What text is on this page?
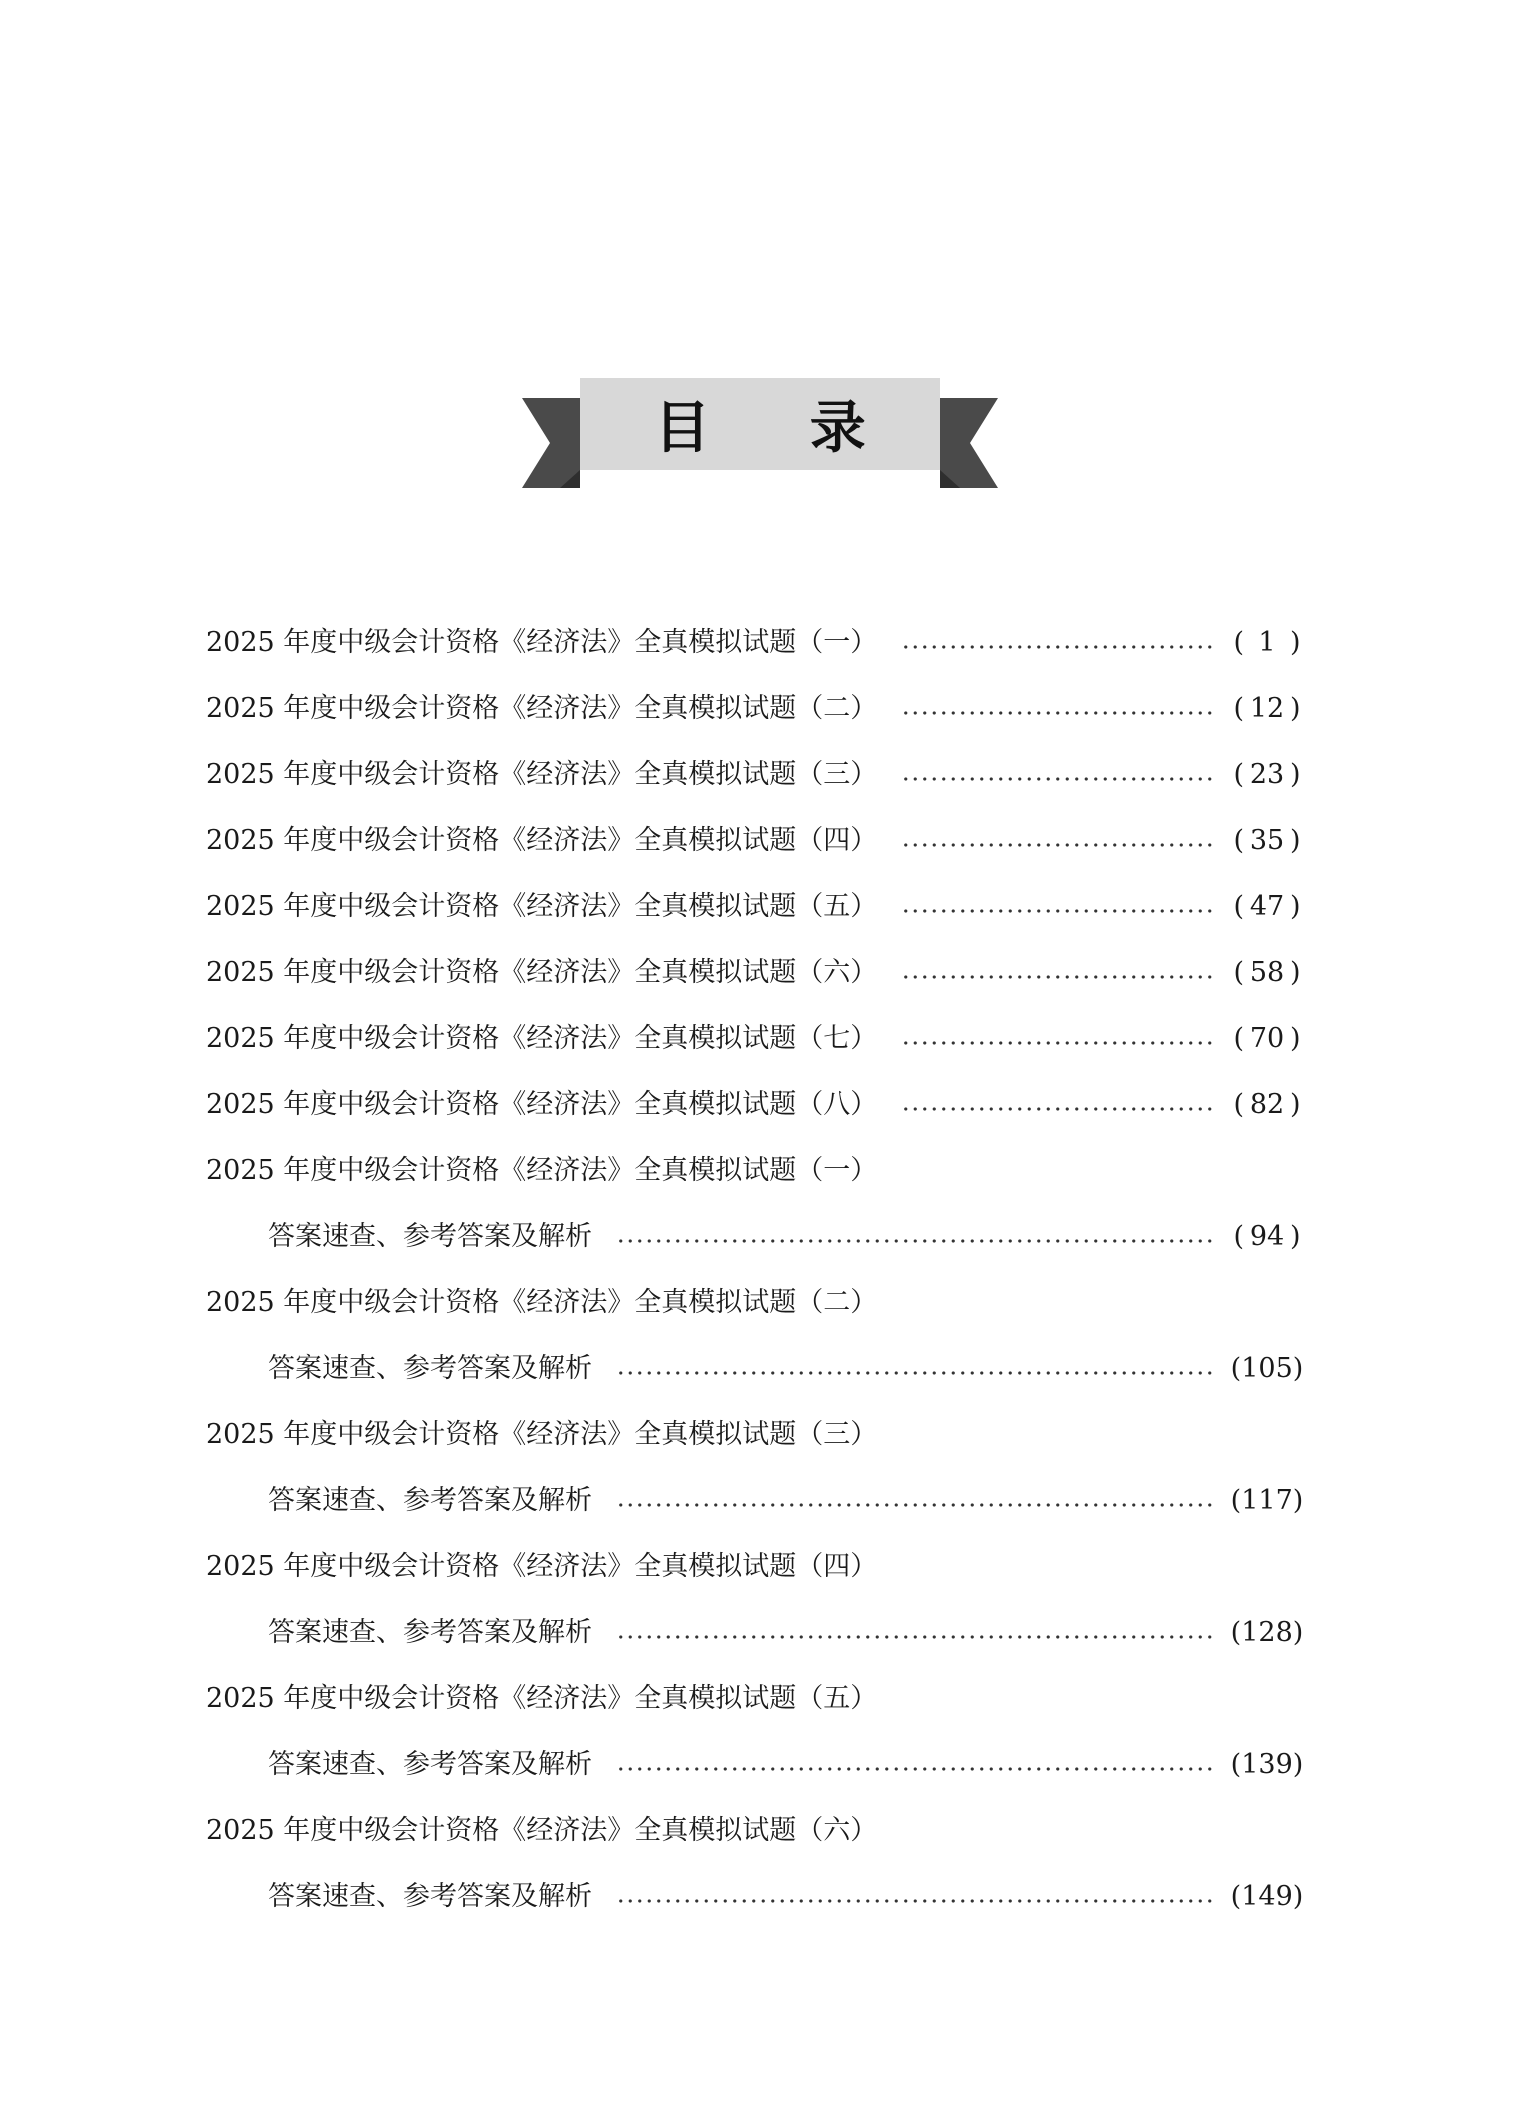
目 录
2025 年度中级会计资格《经济法》全真模拟试题（一）	( 1 )
2025 年度中级会计资格《经济法》全真模拟试题（二）	( 12 )
2025 年度中级会计资格《经济法》全真模拟试题（三）	( 23 )
2025 年度中级会计资格《经济法》全真模拟试题（四）	( 35 )
2025 年度中级会计资格《经济法》全真模拟试题（五）	( 47 )
2025 年度中级会计资格《经济法》全真模拟试题（六）	( 58 )
2025 年度中级会计资格《经济法》全真模拟试题（七）	( 70 )
2025 年度中级会计资格《经济法》全真模拟试题（八）	( 82 )
2025 年度中级会计资格《经济法》全真模拟试题（一）
答案速查、参考答案及解析	( 94 )
2025 年度中级会计资格《经济法》全真模拟试题（二）
答案速查、参考答案及解析	(105)
2025 年度中级会计资格《经济法》全真模拟试题（三）
答案速查、参考答案及解析	(117)
2025 年度中级会计资格《经济法》全真模拟试题（四）
答案速查、参考答案及解析	(128)
2025 年度中级会计资格《经济法》全真模拟试题（五）
答案速查、参考答案及解析	(139)
2025 年度中级会计资格《经济法》全真模拟试题（六）
答案速查、参考答案及解析	(149)
